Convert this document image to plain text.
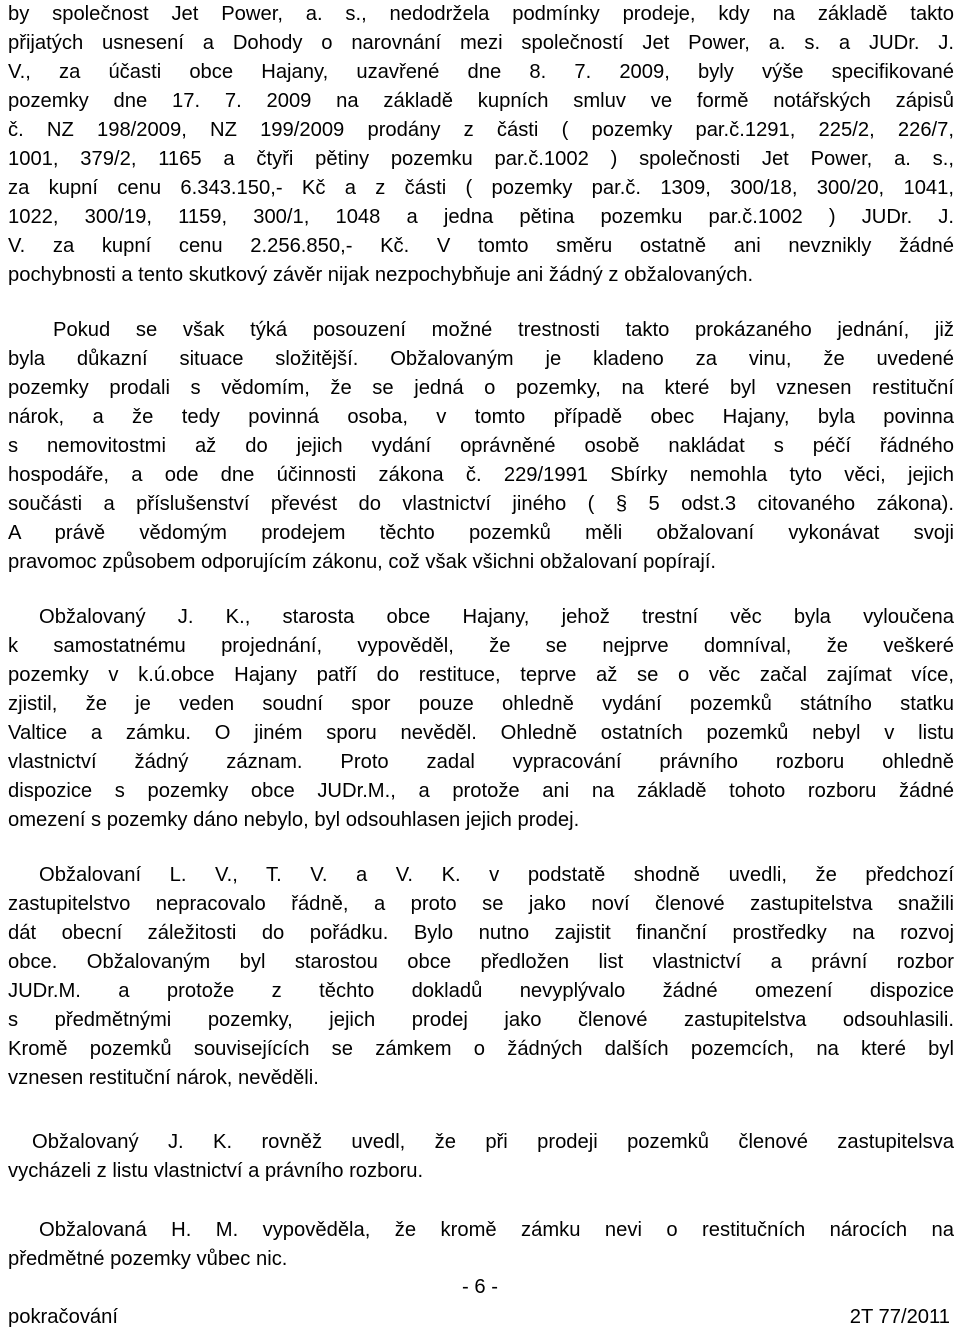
by společnost Jet Power, a. s., nedodržela podmínky prodeje, kdy na základě takto
přijatých usnesení a Dohody o narovnání mezi společností Jet Power, a. s. a JUDr. J.
V., za účasti obce Hajany, uzavřené dne 8. 7. 2009, byly výše specifikované
pozemky dne 17. 7. 2009 na základě kupních smluv ve formě notářských zápisů
č. NZ 198/2009, NZ 199/2009 prodány z části ( pozemky par.č.1291, 225/2, 226/7,
1001, 379/2, 1165 a čtyři pětiny pozemku par.č.1002 ) společnosti Jet Power, a. s.,
za kupní cenu 6.343.150,- Kč a z části ( pozemky par.č. 1309, 300/18, 300/20, 1041,
1022, 300/19, 1159, 300/1, 1048 a jedna pětina pozemku par.č.1002 ) JUDr. J.
V. za kupní cenu 2.256.850,- Kč. V tomto směru ostatně ani nevznikly žádné
pochybnosti a tento skutkový závěr nijak nezpochybňuje ani žádný z obžalovaných.
Pokud se však týká posouzení možné trestnosti takto prokázaného jednání, již
byla důkazní situace složitější. Obžalovaným je kladeno za vinu, že uvedené
pozemky prodali s vědomím, že se jedná o pozemky, na které byl vznesen restituční
nárok, a že tedy povinná osoba, v tomto případě obec Hajany, byla povinna
s nemovitostmi až do jejich vydání oprávněné osobě nakládat s péčí řádného
hospodáře, a ode dne účinnosti zákona č. 229/1991 Sbírky nemohla tyto věci, jejich
součásti a příslušenství převést do vlastnictví jiného ( § 5 odst.3 citovaného zákona).
A právě vědomým prodejem těchto pozemků měli obžalovaní vykonávat svoji
pravomoc způsobem odporujícím zákonu, což však všichni obžalovaní popírají.
Obžalovaný J. K., starosta obce Hajany, jehož trestní věc byla vyloučena
k samostatnému projednání, vypověděl, že se nejprve domníval, že veškeré
pozemky v k.ú.obce Hajany patří do restituce, teprve až se o věc začal zajímat více,
zjistil, že je veden soudní spor pouze ohledně vydání pozemků státního statku
Valtice a zámku. O jiném sporu nevěděl. Ohledně ostatních pozemků nebyl v listu
vlastnictví žádný záznam. Proto zadal vypracování právního rozboru ohledně
dispozice s pozemky obce JUDr.M., a protože ani na základě tohoto rozboru žádné
omezení s pozemky dáno nebylo, byl odsouhlasen jejich prodej.
Obžalovaní L. V., T. V. a V. K. v podstatě shodně uvedli, že předchozí
zastupitelstvo nepracovalo řádně, a proto se jako noví členové zastupitelstva snažili
dát obecní záležitosti do pořádku. Bylo nutno zajistit finanční prostředky na rozvoj
obce. Obžalovaným byl starostou obce předložen list vlastnictví a právní rozbor
JUDr.M. a protože z těchto dokladů nevyplývalo žádné omezení dispozice
s předmětnými pozemky, jejich prodej jako členové zastupitelstva odsouhlasili.
Kromě pozemků souvisejících se zámkem o žádných dalších pozemcích, na které byl
vznesen restituční nárok, nevěděli.
Obžalovaný J. K. rovněž uvedl, že při prodeji pozemků členové zastupitelsva
vycházeli z listu vlastnictví a právního rozboru.
Obžalovaná H. M. vypověděla, že kromě zámku nevi o restitučních nárocích na
předmětné pozemky vůbec nic.
- 6 -
pokračování	2T 77/2011
